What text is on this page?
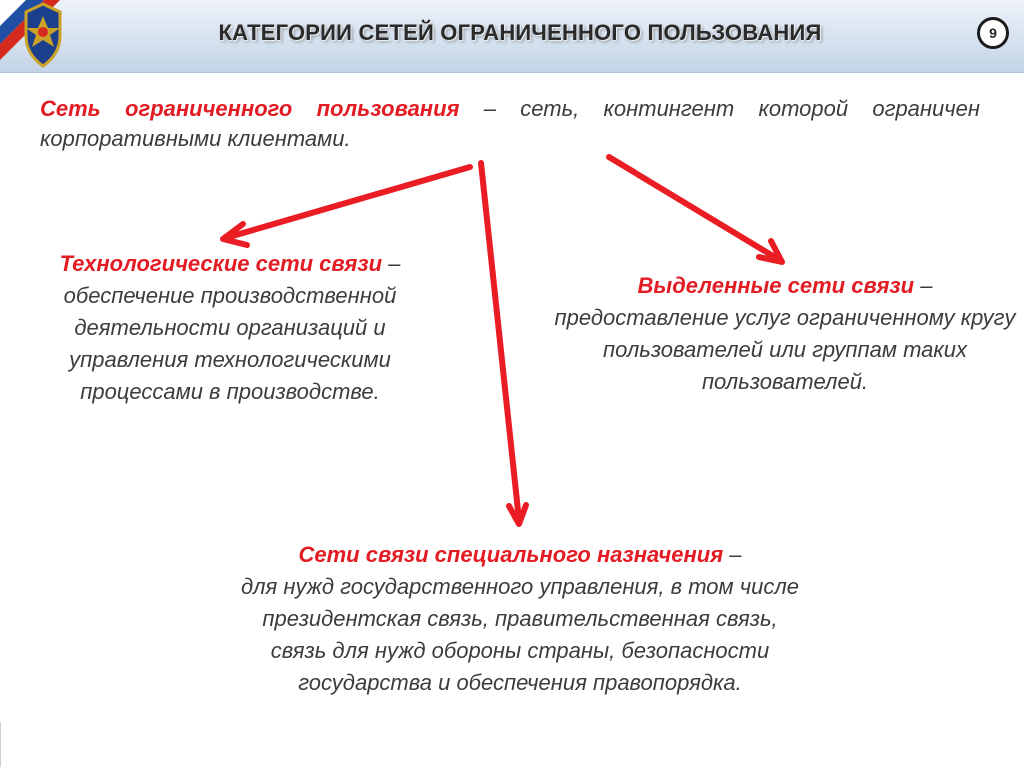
КАТЕГОРИИ СЕТЕЙ ОГРАНИЧЕННОГО ПОЛЬЗОВАНИЯ	9
Сеть ограниченного пользования – сеть, контингент которой ограничен корпоративными клиентами.
Технологические сети связи –
обеспечение производственной деятельности организаций и управления технологическими процессами в производстве.
Выделенные сети связи –
предоставление услуг ограниченному кругу пользователей или группам таких пользователей.
Сети связи специального назначения –
для нужд государственного управления, в том числе
президентская связь, правительственная связь,
связь для нужд обороны страны, безопасности
государства и обеспечения правопорядка.
